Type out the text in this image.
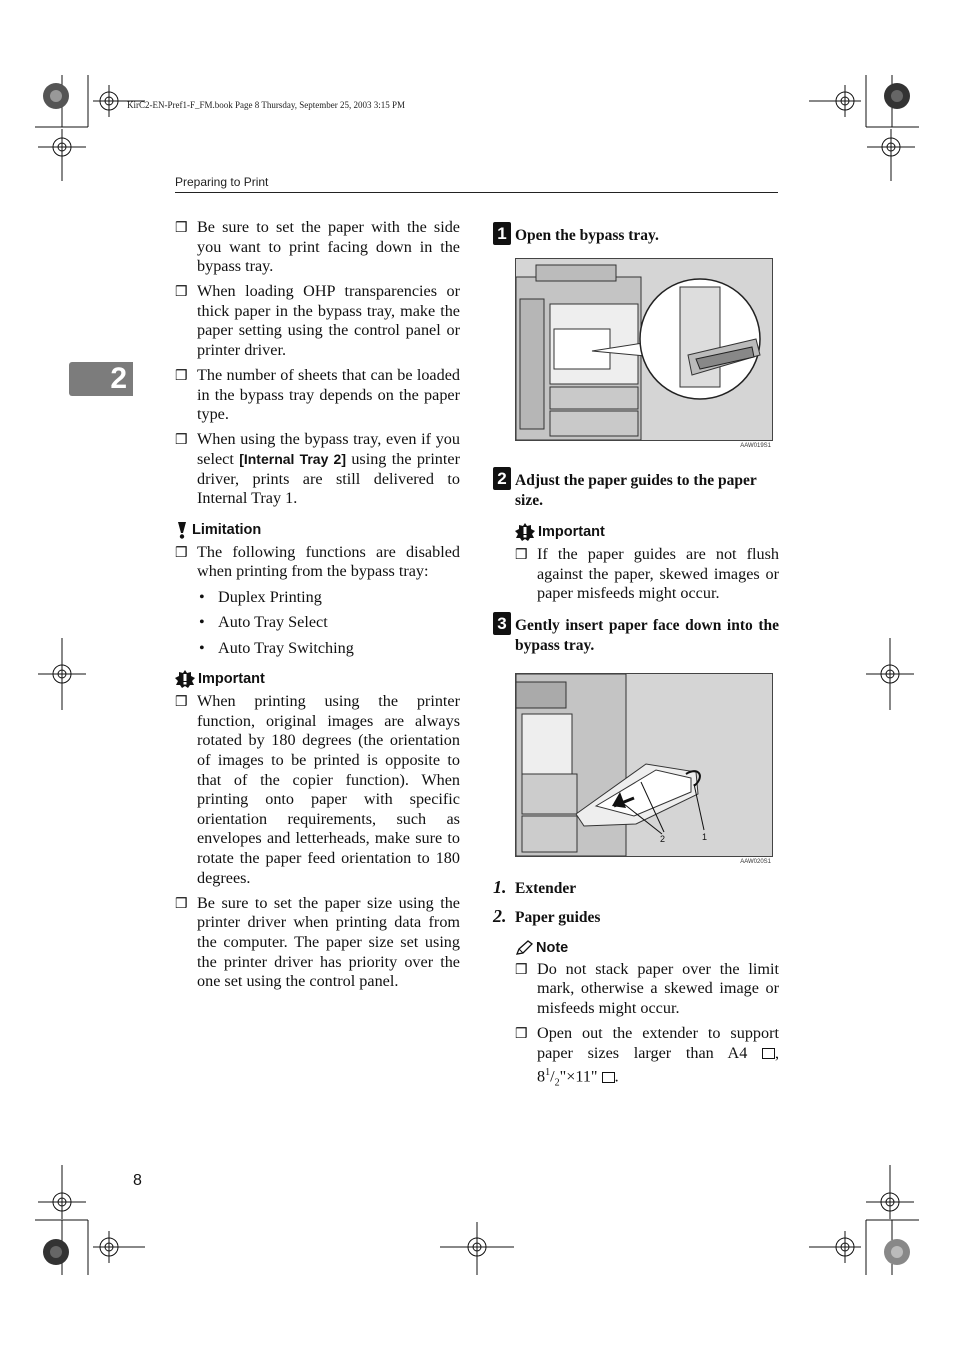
KirC2-EN-Pref1-F_FM.book Page 8 Thursday, September 25, 2003 3:15 PM
Preparing to Print
2
❒ Be sure to set the paper with the side you want to print facing down in the bypass tray.
❒ When loading OHP transparencies or thick paper in the bypass tray, make the paper setting using the control panel or printer driver.
❒ The number of sheets that can be loaded in the bypass tray depends on the paper type.
❒ When using the bypass tray, even if you select [Internal Tray 2] using the printer driver, prints are still delivered to Internal Tray 1.
Limitation
❒ The following functions are disabled when printing from the bypass tray:
• Duplex Printing
• Auto Tray Select
• Auto Tray Switching
Important
❒ When printing using the printer function, original images are always rotated by 180 degrees (the orientation of images to be printed is opposite to that of the copier function). When printing onto paper with specific orientation requirements, such as envelopes and letterheads, make sure to rotate the paper feed orientation to 180 degrees.
❒ Be sure to set the paper size using the printer driver when printing data from the computer. The paper size set using the printer driver has priority over the one set using the control panel.
1 Open the bypass tray.
AAW019S1
2 Adjust the paper guides to the paper size.
Important
❒ If the paper guides are not flush against the paper, skewed images or paper misfeeds might occur.
3 Gently insert paper face down into the bypass tray.
2	1
AAW020S1
1. Extender
2. Paper guides
Note
❒ Do not stack paper over the limit mark, otherwise a skewed image or misfeeds might occur.
❒ Open out the extender to support paper sizes larger than A4 , $8^1/_2"\times 11$" .
8
